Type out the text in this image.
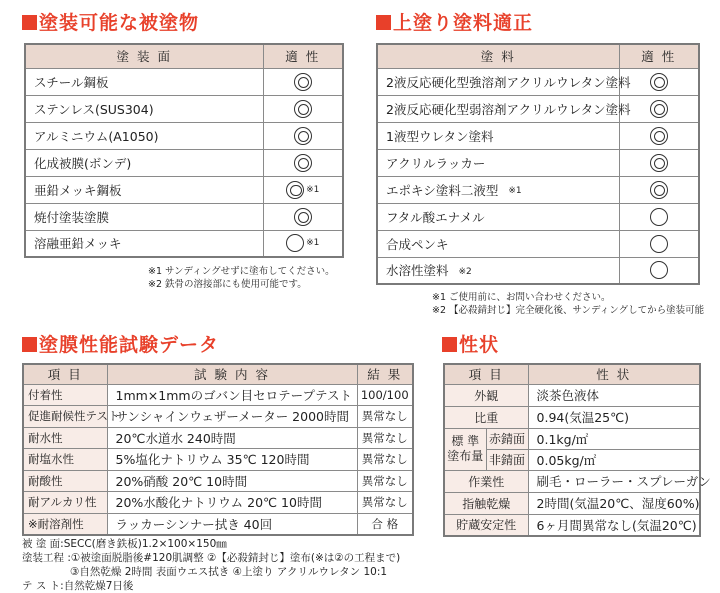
塗装可能な被塗物
塗 装 面	適 性
スチール鋼板	
ステンレス(SUS304)	
アルミニウム(A1050)	
化成被膜(ボンデ)	
亜鉛メッキ鋼板	※1
焼付塗装塗膜	
溶融亜鉛メッキ	※1
※1 サンディングせずに塗布してください。
※2 鉄骨の溶接部にも使用可能です。
上塗り塗料適正
塗 料	適 性
2液反応硬化型強溶剤アクリルウレタン塗料	
2液反応硬化型弱溶剤アクリルウレタン塗料	
1液型ウレタン塗料	
アクリルラッカー	
エポキシ塗料二液型 ※1	
フタル酸エナメル	
合成ペンキ	
水溶性塗料 ※2	
※1 ご使用前に、お問い合わせください。
※2 【必殺錆封じ】完全硬化後、サンディングしてから塗装可能
塗膜性能試験データ
項 目	試 験 内 容	結 果
付着性	1mm×1mmのゴバン目セロテープテスト	100/100
促進耐候性テスト	サンシャインウェザーメーター 2000時間	異常なし
耐水性	20℃水道水 240時間	異常なし
耐塩水性	5%塩化ナトリウム 35℃ 120時間	異常なし
耐酸性	20%硝酸 20℃ 10時間	異常なし
耐アルカリ性	20%水酸化ナトリウム 20℃ 10時間	異常なし
※耐溶剤性	ラッカーシンナー拭き 40回	合 格
被 塗 面:SECC(磨き鉄板)1.2×100×150㎜
塗装工程 :①被塗面脱脂後#120肌調整 ②【必殺錆封じ】塗布(※は②の工程まで)
③自然乾燥 2時間 表面ウエス拭き ④上塗り アクリルウレタン 10:1
テ ス ト:自然乾燥7日後
性状
項 目		性 状
外観		淡茶色液体
比重		0.94(気温25℃)

標 準
塗布量	赤錆面	0.1kg/㎡
	非錆面	0.05kg/㎡
作業性		刷毛・ローラー・スプレーガン
指触乾燥		2時間(気温20℃、湿度60%)
貯蔵安定性		6ヶ月間異常なし(気温20℃)
